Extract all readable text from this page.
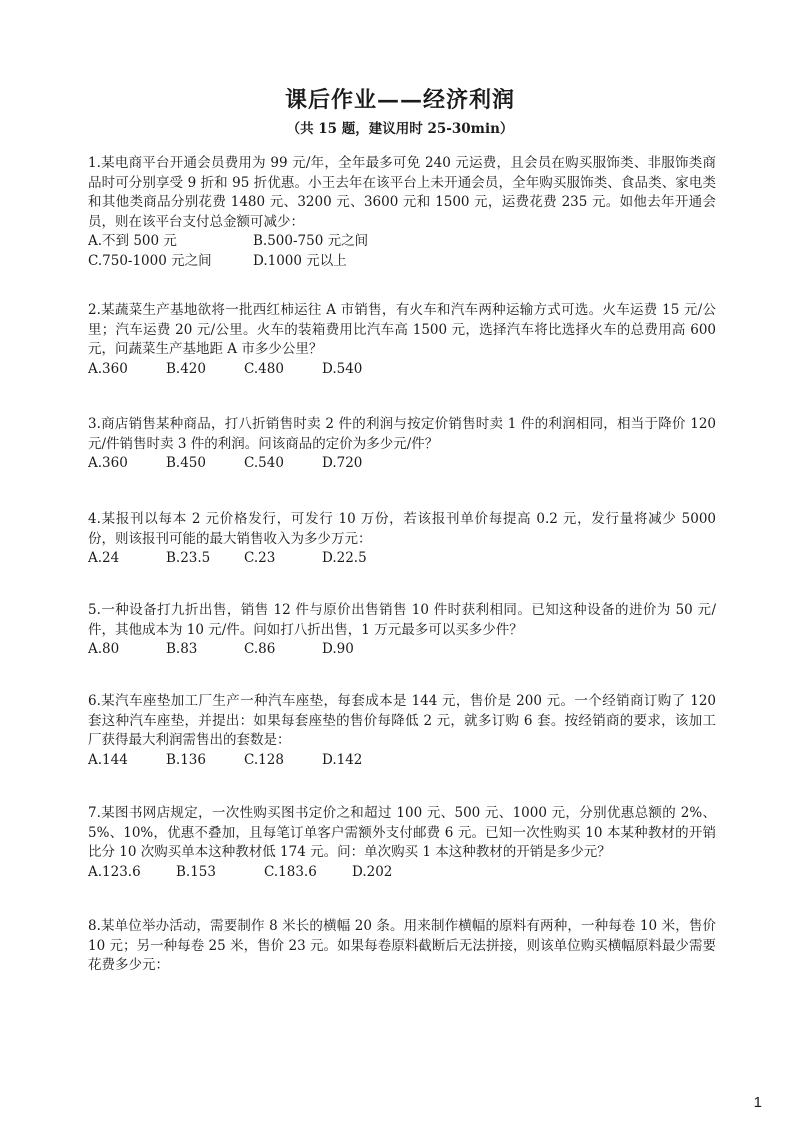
课后作业——经济利润
（共 15 题，建议用时 25-30min）

1.某电商平台开通会员费用为 99 元/年，全年最多可免 240 元运费，且会员在购买服饰类、非服饰类商品时可分别享受 9 折和 95 折优惠。小王去年在该平台上未开通会员，全年购买服饰类、食品类、家电类和其他类商品分别花费 1480 元、3200 元、3600 元和 1500 元，运费花费 235 元。如他去年开通会员，则在该平台支付总金额可减少：

A.不到 500 元	B.500-750 元之间
C.750-1000 元之间	D.1000 元以上

2.某蔬菜生产基地欲将一批西红柿运往 A 市销售，有火车和汽车两种运输方式可选。火车运费 15 元/公里；汽车运费 20 元/公里。火车的装箱费用比汽车高 1500 元，选择汽车将比选择火车的总费用高 600 元，问蔬菜生产基地距 A 市多少公里？

A.360	B.420	C.480	D.540

3.商店销售某种商品，打八折销售时卖 2 件的利润与按定价销售时卖 1 件的利润相同，相当于降价 120 元/件销售时卖 3 件的利润。问该商品的定价为多少元/件？

A.360	B.450	C.540	D.720

4.某报刊以每本 2 元价格发行，可发行 10 万份，若该报刊单价每提高 0.2 元，发行量将减少 5000 份，则该报刊可能的最大销售收入为多少万元：

A.24	B.23.5	C.23	D.22.5

5.一种设备打九折出售，销售 12 件与原价出售销售 10 件时获利相同。已知这种设备的进价为 50 元/件，其他成本为 10 元/件。问如打八折出售，1 万元最多可以买多少件？

A.80	B.83	C.86	D.90

6.某汽车座垫加工厂生产一种汽车座垫，每套成本是 144 元，售价是 200 元。一个经销商订购了 120 套这种汽车座垫，并提出：如果每套座垫的售价每降低 2 元，就多订购 6 套。按经销商的要求，该加工厂获得最大利润需售出的套数是：

A.144	B.136	C.128	D.142

7.某图书网店规定，一次性购买图书定价之和超过 100 元、500 元、1000 元，分别优惠总额的 2%、5%、10%，优惠不叠加，且每笔订单客户需额外支付邮费 6 元。已知一次性购买 10 本某种教材的开销比分 10 次购买单本这种教材低 174 元。问：单次购买 1 本这种教材的开销是多少元？

A.123.6	B.153	C.183.6	D.202

8.某单位举办活动，需要制作 8 米长的横幅 20 条。用来制作横幅的原料有两种，一种每卷 10 米，售价 10 元；另一种每卷 25 米，售价 23 元。如果每卷原料截断后无法拼接，则该单位购买横幅原料最少需要花费多少元：

1
